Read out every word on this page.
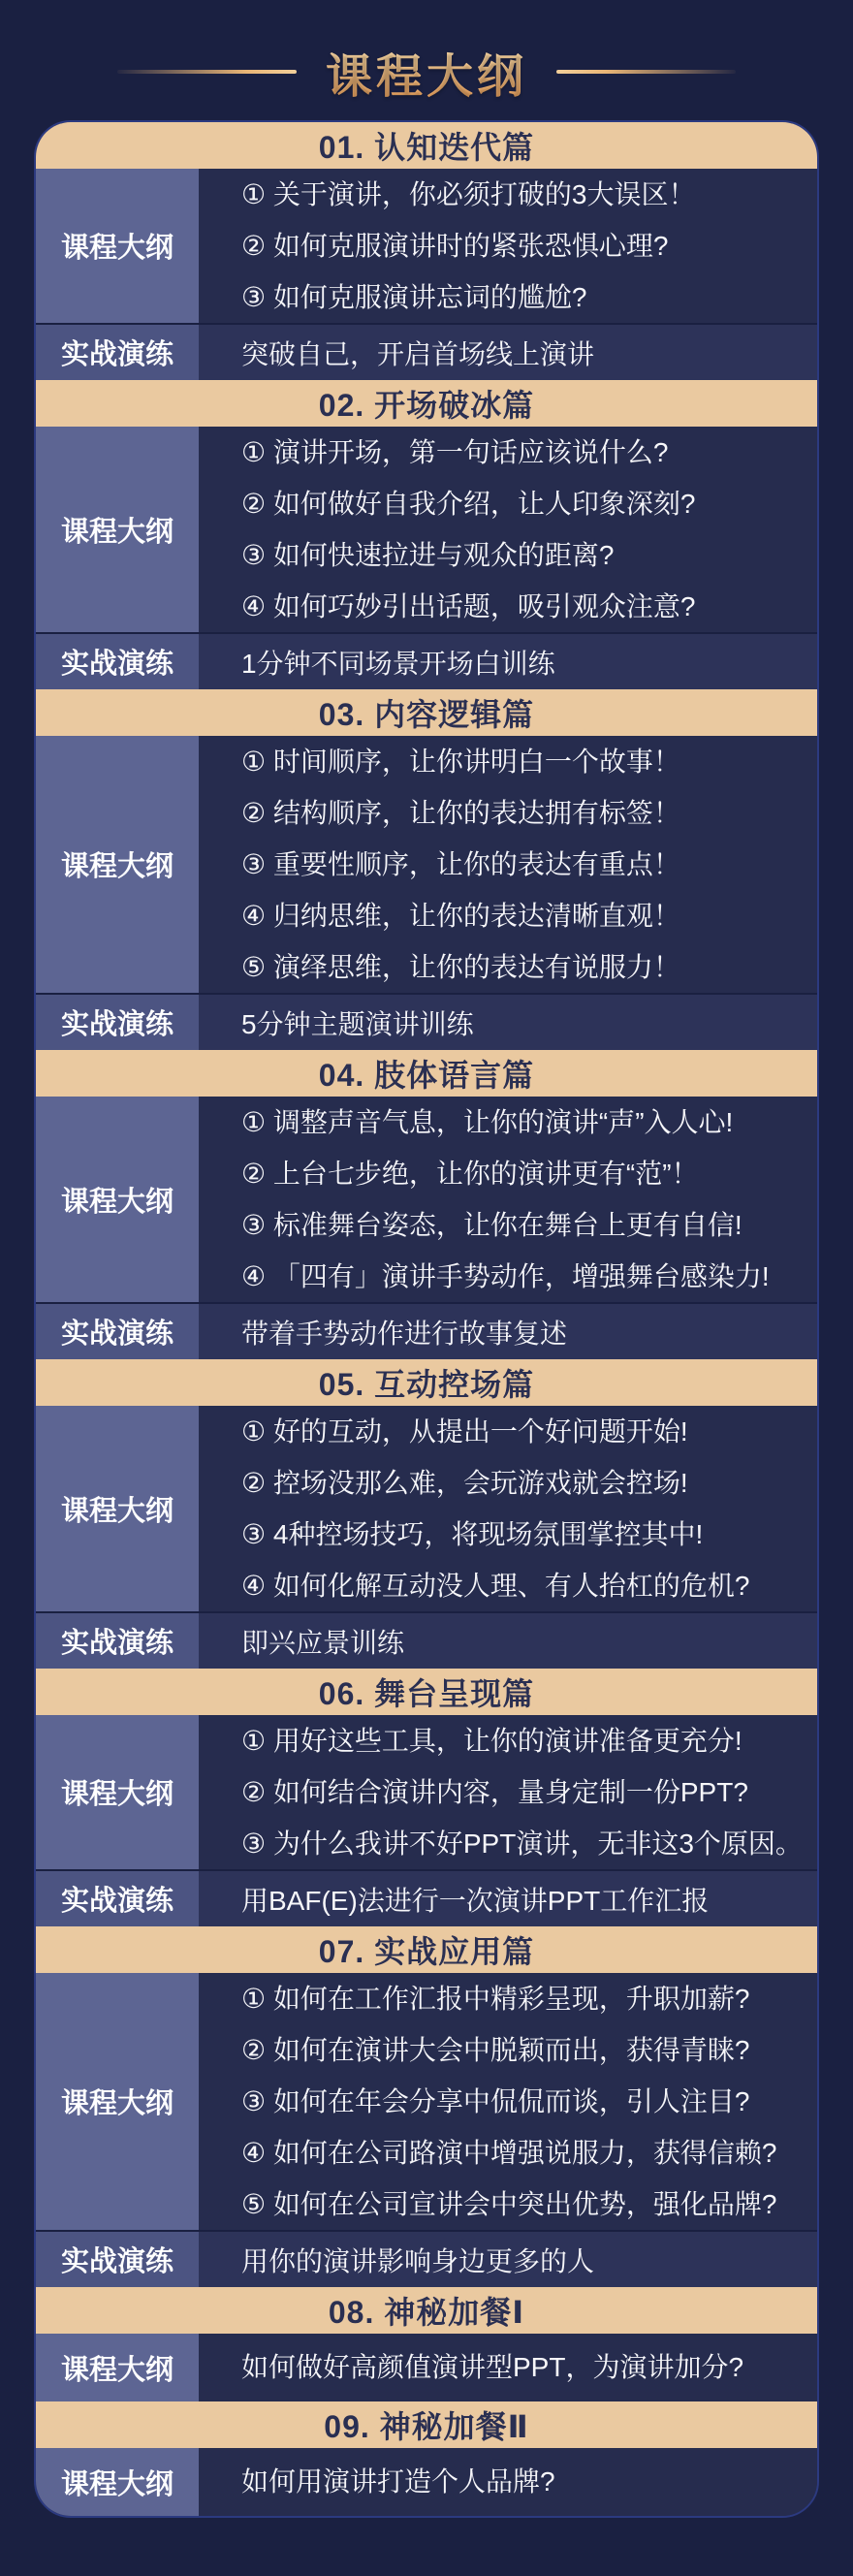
课程大纲
01. 认知迭代篇
课程大纲
① 关于演讲，你必须打破的3大误区！
② 如何克服演讲时的紧张恐惧心理?
③ 如何克服演讲忘词的尴尬?
实战演练	突破自己，开启首场线上演讲
02. 开场破冰篇
课程大纲
① 演讲开场，第一句话应该说什么?
② 如何做好自我介绍，让人印象深刻?
③ 如何快速拉进与观众的距离?
④ 如何巧妙引出话题，吸引观众注意?
实战演练	1分钟不同场景开场白训练
03. 内容逻辑篇
课程大纲
① 时间顺序，让你讲明白一个故事！
② 结构顺序，让你的表达拥有标签！
③ 重要性顺序，让你的表达有重点！
④ 归纳思维，让你的表达清晰直观！
⑤ 演绎思维，让你的表达有说服力！
实战演练	5分钟主题演讲训练
04. 肢体语言篇
课程大纲
① 调整声音气息，让你的演讲“声”入人心!
② 上台七步绝，让你的演讲更有“范”！
③ 标准舞台姿态，让你在舞台上更有自信!
④ 「四有」演讲手势动作，增强舞台感染力!
实战演练	带着手势动作进行故事复述
05. 互动控场篇
课程大纲
① 好的互动，从提出一个好问题开始!
② 控场没那么难，会玩游戏就会控场!
③ 4种控场技巧，将现场氛围掌控其中!
④ 如何化解互动没人理、有人抬杠的危机?
实战演练	即兴应景训练
06. 舞台呈现篇
课程大纲
① 用好这些工具，让你的演讲准备更充分!
② 如何结合演讲内容，量身定制一份PPT?
③ 为什么我讲不好PPT演讲，无非这3个原因。
实战演练	用BAF(E)法进行一次演讲PPT工作汇报
07. 实战应用篇
课程大纲
① 如何在工作汇报中精彩呈现，升职加薪?
② 如何在演讲大会中脱颖而出，获得青睐?
③ 如何在年会分享中侃侃而谈，引人注目?
④ 如何在公司路演中增强说服力，获得信赖?
⑤ 如何在公司宣讲会中突出优势，强化品牌?
实战演练	用你的演讲影响身边更多的人
08. 神秘加餐Ⅰ
课程大纲	如何做好高颜值演讲型PPT，为演讲加分?
09. 神秘加餐Ⅱ
课程大纲	如何用演讲打造个人品牌?
